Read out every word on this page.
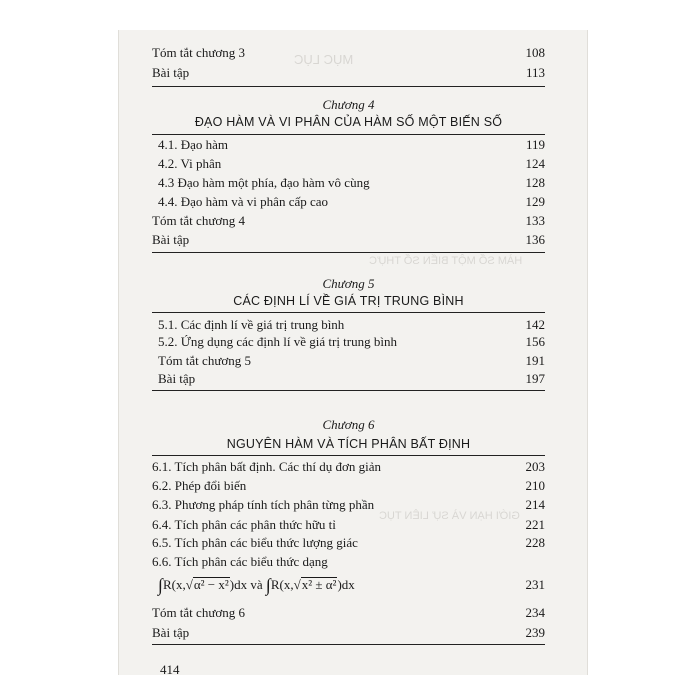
MỤC LỤC
HÀM SỐ MỘT BIẾN SỐ THỰC
GIỚI HẠN VÀ SỰ LIÊN TỤC
Tóm tắt chương 3	108
Bài tập	113
Chương 4
ĐẠO HÀM VÀ VI PHÂN CỦA HÀM SỐ MỘT BIẾN SỐ
4.1. Đạo hàm	119
4.2. Vi phân	124
4.3 Đạo hàm một phía, đạo hàm vô cùng	128
4.4. Đạo hàm và vi phân cấp cao	129
Tóm tắt chương 4	133
Bài tập	136
Chương 5
CÁC ĐỊNH LÍ VỀ GIÁ TRỊ TRUNG BÌNH
5.1. Các định lí về giá trị trung bình	142
5.2. Ứng dụng các định lí về giá trị trung bình	156
Tóm tắt chương 5	191
Bài tập	197
Chương 6
NGUYÊN HÀM VÀ TÍCH PHÂN BẤT ĐỊNH
6.1. Tích phân bất định. Các thí dụ đơn giản	203
6.2. Phép đổi biến	210
6.3. Phương pháp tính tích phân từng phần	214
6.4. Tích phân các phân thức hữu tỉ	221
6.5. Tích phân các biểu thức lượng giác	228
6.6. Tích phân các biểu thức dạng
∫R(x,√α² − x²)dx và ∫R(x,√x² ± α²)dx	231
Tóm tắt chương 6	234
Bài tập	239
414
